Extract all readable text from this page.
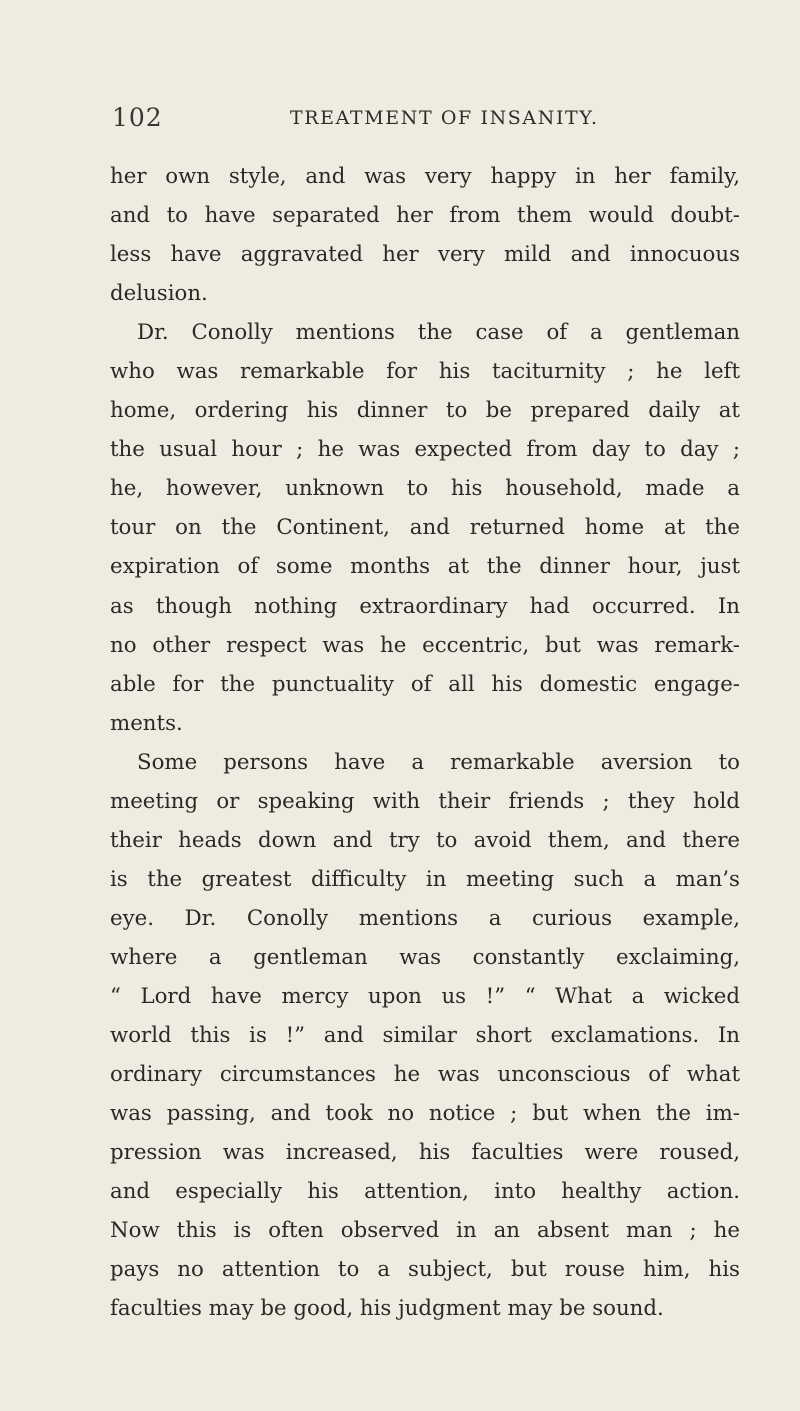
102	TREATMENT OF INSANITY.
her own style, and was very happy in her family,
and to have separated her from them would doubt-
less have aggravated her very mild and innocuous
delusion.
Dr. Conolly mentions the case of a gentleman
who was remarkable for his taciturnity ; he left
home, ordering his dinner to be prepared daily at
the usual hour ; he was expected from day to day ;
he, however, unknown to his household, made a
tour on the Continent, and returned home at the
expiration of some months at the dinner hour, just
as though nothing extraordinary had occurred. In
no other respect was he eccentric, but was remark-
able for the punctuality of all his domestic engage-
ments.
Some persons have a remarkable aversion to
meeting or speaking with their friends ; they hold
their heads down and try to avoid them, and there
is the greatest difficulty in meeting such a man’s
eye. Dr. Conolly mentions a curious example,
where a gentleman was constantly exclaiming,
“ Lord have mercy upon us !” “ What a wicked
world this is !” and similar short exclamations. In
ordinary circumstances he was unconscious of what
was passing, and took no notice ; but when the im-
pression was increased, his faculties were roused,
and especially his attention, into healthy action.
Now this is often observed in an absent man ; he
pays no attention to a subject, but rouse him, his
faculties may be good, his judgment may be sound.
